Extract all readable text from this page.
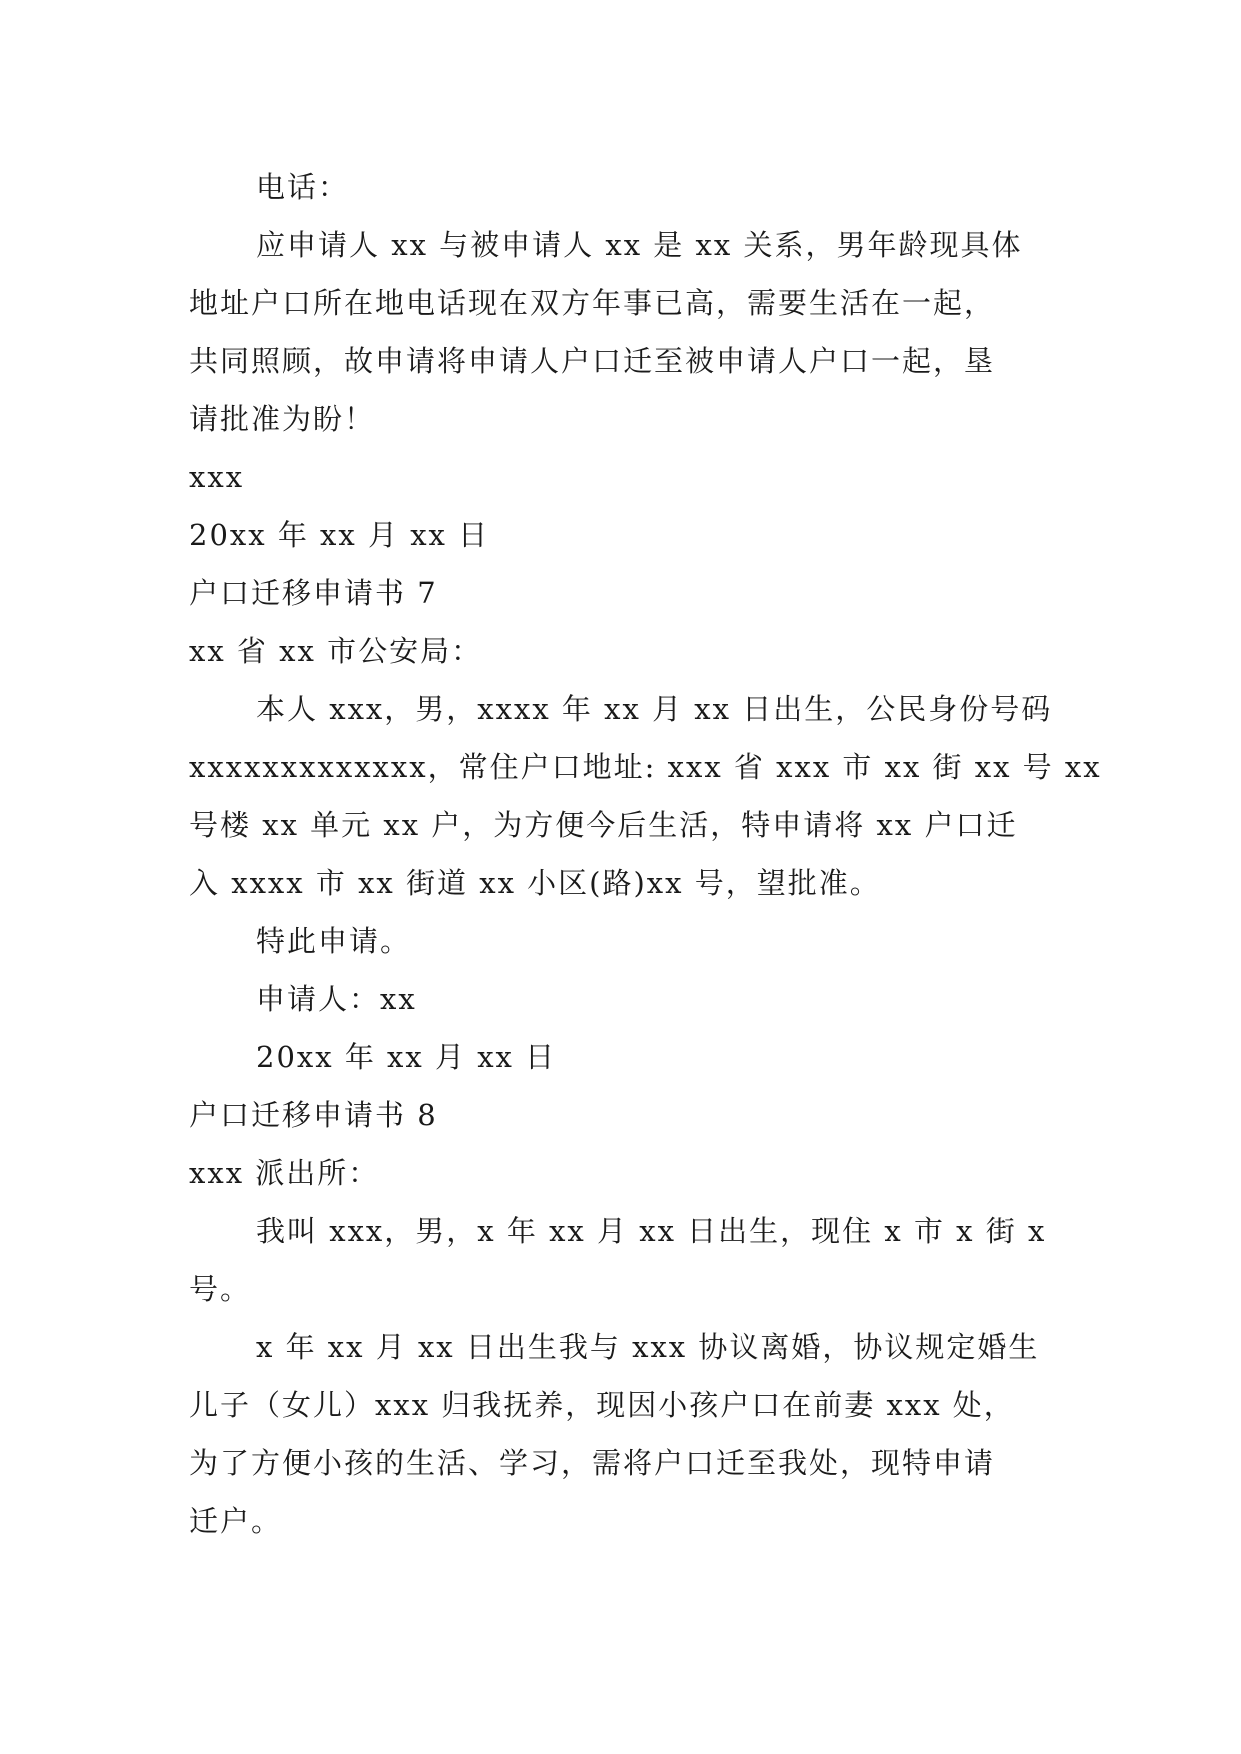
电话：
应申请人 xx 与被申请人 xx 是 xx 关系，男年龄现具体
地址户口所在地电话现在双方年事已高，需要生活在一起，
共同照顾，故申请将申请人户口迁至被申请人户口一起，垦
请批准为盼！
xxx
20xx 年 xx 月 xx 日
户口迁移申请书 7
xx 省 xx 市公安局：
本人 xxx，男，xxxx 年 xx 月 xx 日出生，公民身份号码
xxxxxxxxxxxxx，常住户口地址: xxx 省 xxx 市 xx 街 xx 号 xx
号楼 xx 单元 xx 户，为方便今后生活，特申请将 xx 户口迁
入 xxxx 市 xx 街道 xx 小区(路)xx 号，望批准。
特此申请。
申请人：xx
20xx 年 xx 月 xx 日
户口迁移申请书 8
xxx 派出所：
我叫 xxx，男，x 年 xx 月 xx 日出生，现住 x 市 x 街 x
号。
x 年 xx 月 xx 日出生我与 xxx 协议离婚，协议规定婚生
儿子（女儿）xxx 归我抚养，现因小孩户口在前妻 xxx 处，
为了方便小孩的生活、学习，需将户口迁至我处，现特申请
迁户。
